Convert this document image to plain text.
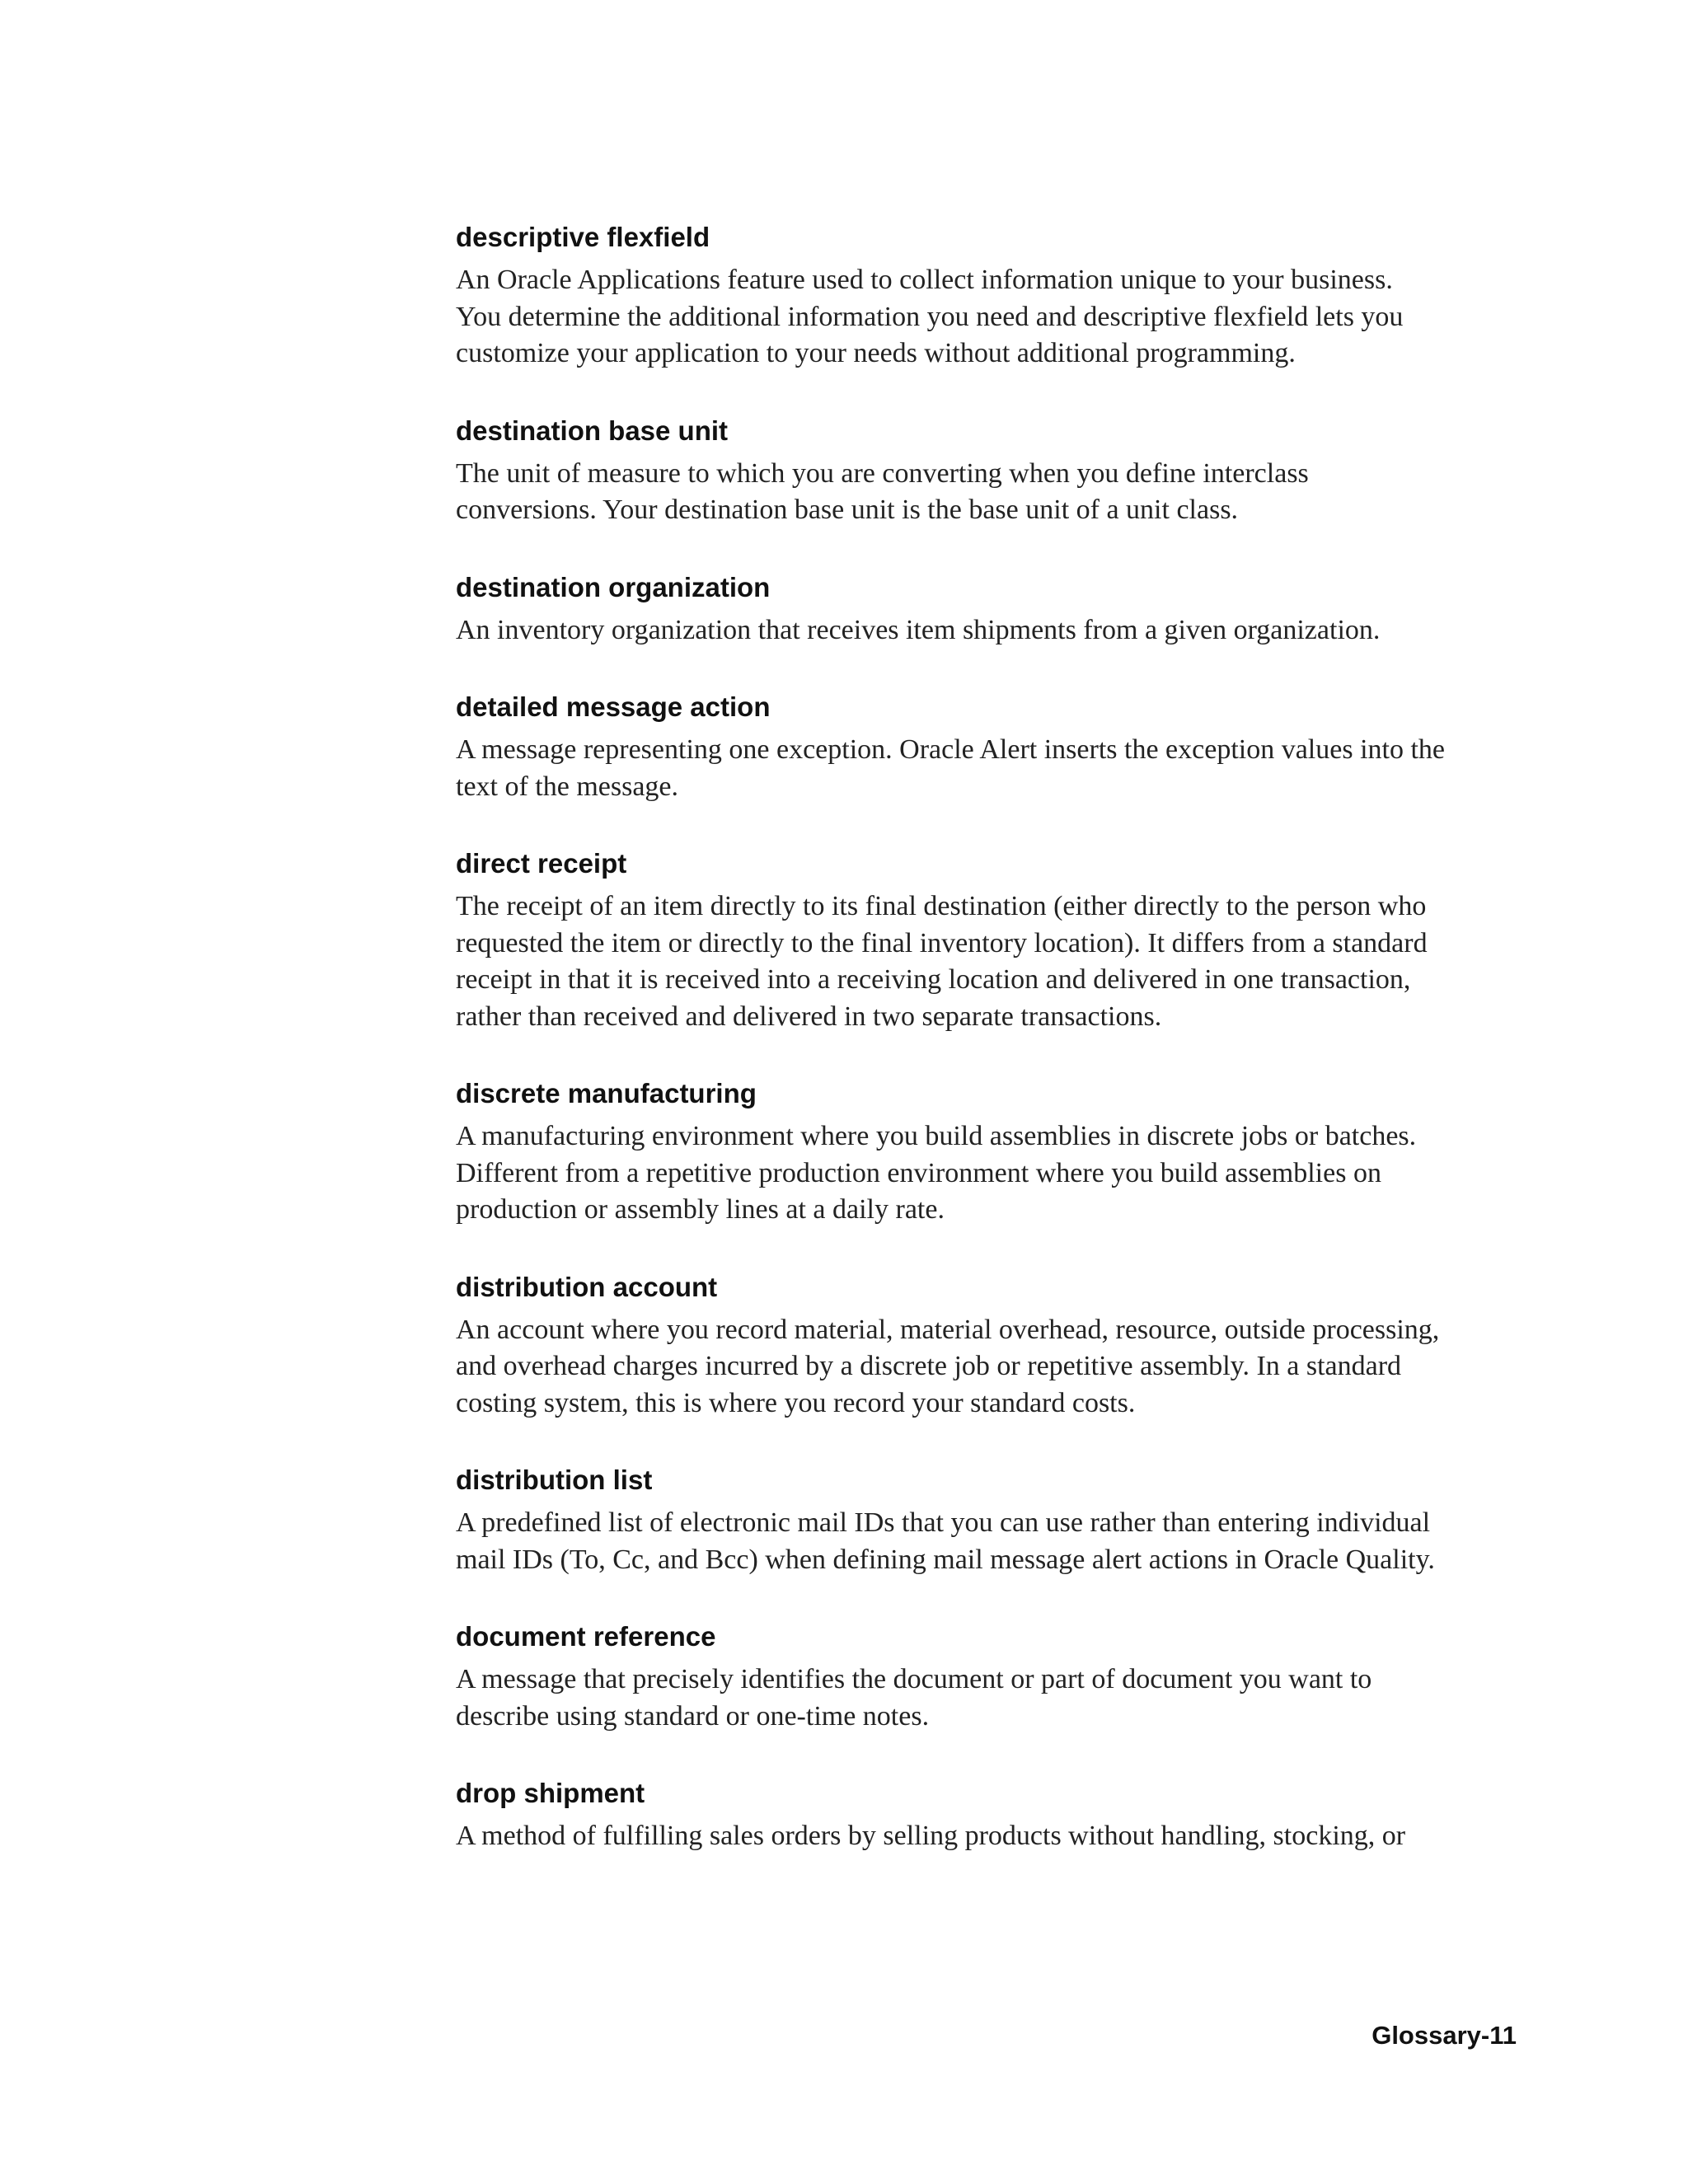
descriptive flexfield
An Oracle Applications feature used to collect information unique to your business.
You determine the additional information you need and descriptive flexfield lets you
customize your application to your needs without additional programming.
destination base unit
The unit of measure to which you are converting when you define interclass
conversions. Your destination base unit is the base unit of a unit class.
destination organization
An inventory organization that receives item shipments from a given organization.
detailed message action
A message representing one exception. Oracle Alert inserts the exception values into the
text of the message.
direct receipt
The receipt of an item directly to its final destination (either directly to the person who
requested the item or directly to the final inventory location). It differs from a standard
receipt in that it is received into a receiving location and delivered in one transaction,
rather than received and delivered in two separate transactions.
discrete manufacturing
A manufacturing environment where you build assemblies in discrete jobs or batches.
Different from a repetitive production environment where you build assemblies on
production or assembly lines at a daily rate.
distribution account
An account where you record material, material overhead, resource, outside processing,
and overhead charges incurred by a discrete job or repetitive assembly. In a standard
costing system, this is where you record your standard costs.
distribution list
A predefined list of electronic mail IDs that you can use rather than entering individual
mail IDs (To, Cc, and Bcc) when defining mail message alert actions in Oracle Quality.
document reference
A message that precisely identifies the document or part of document you want to
describe using standard or one-time notes.
drop shipment
A method of fulfilling sales orders by selling products without handling, stocking, or
Glossary-11
